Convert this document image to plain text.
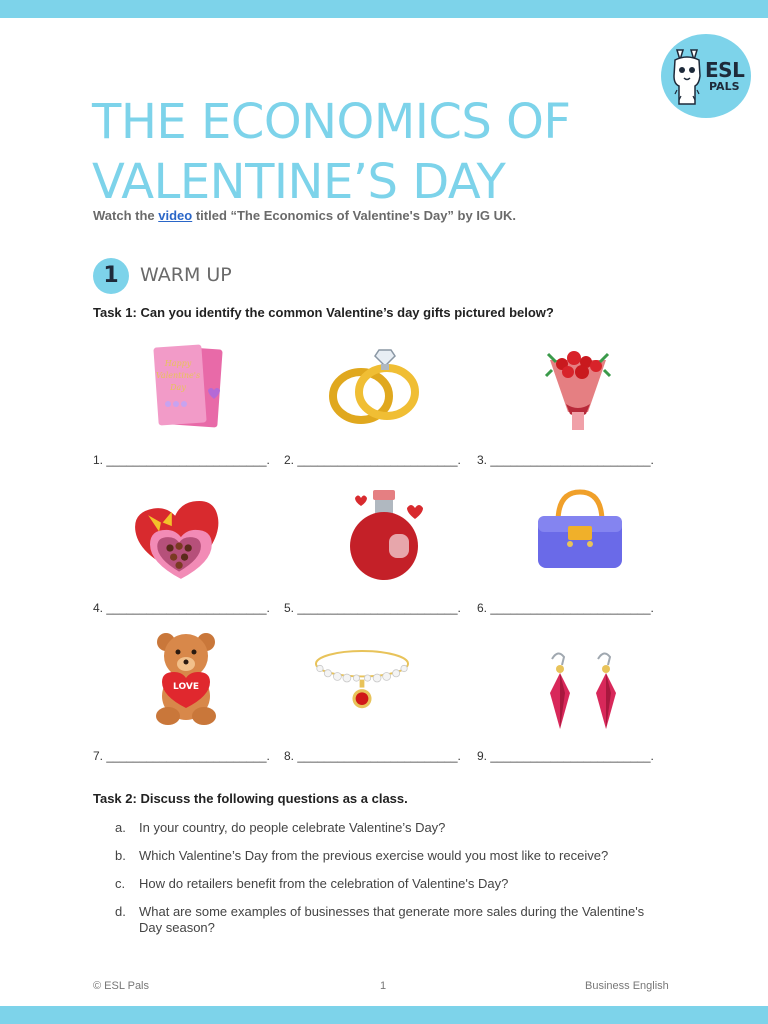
ESL
PALS
THE ECONOMICS OF
VALENTINE’S DAY
Watch the video titled “The Economics of Valentine's Day” by IG UK.
1	WARM UP
Task 1: Can you identify the common Valentine’s day gifts pictured below?
Happy
Valentine's
Day
1. ________________________. 2. ________________________. 3. ________________________.
4. ________________________. 5. ________________________. 6. ________________________.
LOVE
7. ________________________. 8. ________________________. 9. ________________________.
Task 2: Discuss the following questions as a class.
a. In your country, do people celebrate Valentine’s Day?
b. Which Valentine’s Day from the previous exercise would you most like to receive?
c. How do retailers benefit from the celebration of Valentine's Day?
d. What are some examples of businesses that generate more sales during the Valentine's Day season?
© ESL Pals	1	Business English
